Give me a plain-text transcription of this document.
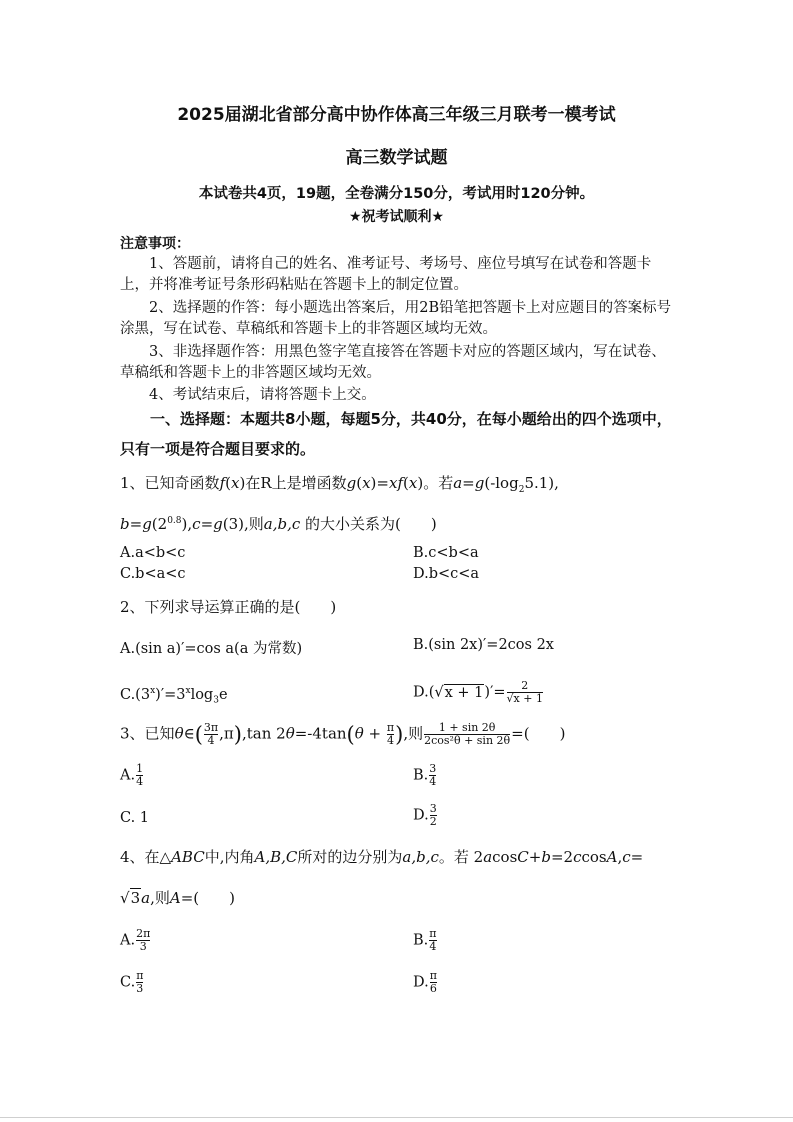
2025届湖北省部分高中协作体高三年级三月联考一模考试
高三数学试题
本试卷共4页，19题，全卷满分150分，考试用时120分钟。
★祝考试顺利★
注意事项：
1、答题前，请将自己的姓名、准考证号、考场号、座位号填写在试卷和答题卡上，并将准考证号条形码粘贴在答题卡上的制定位置。
2、选择题的作答：每小题选出答案后，用2B铅笔把答题卡上对应题目的答案标号涂黑，写在试卷、草稿纸和答题卡上的非答题区域均无效。
3、非选择题作答：用黑色签字笔直接答在答题卡对应的答题区域内，写在试卷、草稿纸和答题卡上的非答题区域均无效。
4、考试结束后，请将答题卡上交。
一、选择题：本题共8小题，每题5分，共40分，在每小题给出的四个选项中，只有一项是符合题目要求的。
1、已知奇函数f(x)在R上是增函数g(x)=xf(x)。若$a=g(-\log_25.1)$,
$b=g(2^{0.8}),c=g(3)$,则a,b,c 的大小关系为(　　)
A.a<b<c	B.c<b<a
C.b<a<c	D.b<c<a
2、下列求导运算正确的是(　　)
A.(sin a)′=cos a(a 为常数)	B.(sin 2x)′=2cos 2x
$C.(3^x)'=3^x\log_3e$	$D.(√x + 1)'= \frac{2}{√x + 1}$
3、已知θ∈( $\frac{3\pi}{4} ,\pi),\tan$ $2\theta=-4\tan(\theta + \frac{\pi}{4}$ ),则 $\frac{1 + \sin 2\theta}{\text{2cos²θ + sin 2θ}}$ =(　　)
A. $\frac{1}{4}$	B. $\frac{3}{4}$
C. 1	D. $\frac{3}{2}$
4、在△ABC中,内角A,B,C所对的边分别为a,b,c。若 2acosC+b=2ccosA,c=
√3a,则A=(　　)
A. $\frac{2\pi}{3}$	B. $\frac{\pi}{4}$
C. $\frac{\pi}{3}$	D. $\frac{\pi}{6}$
